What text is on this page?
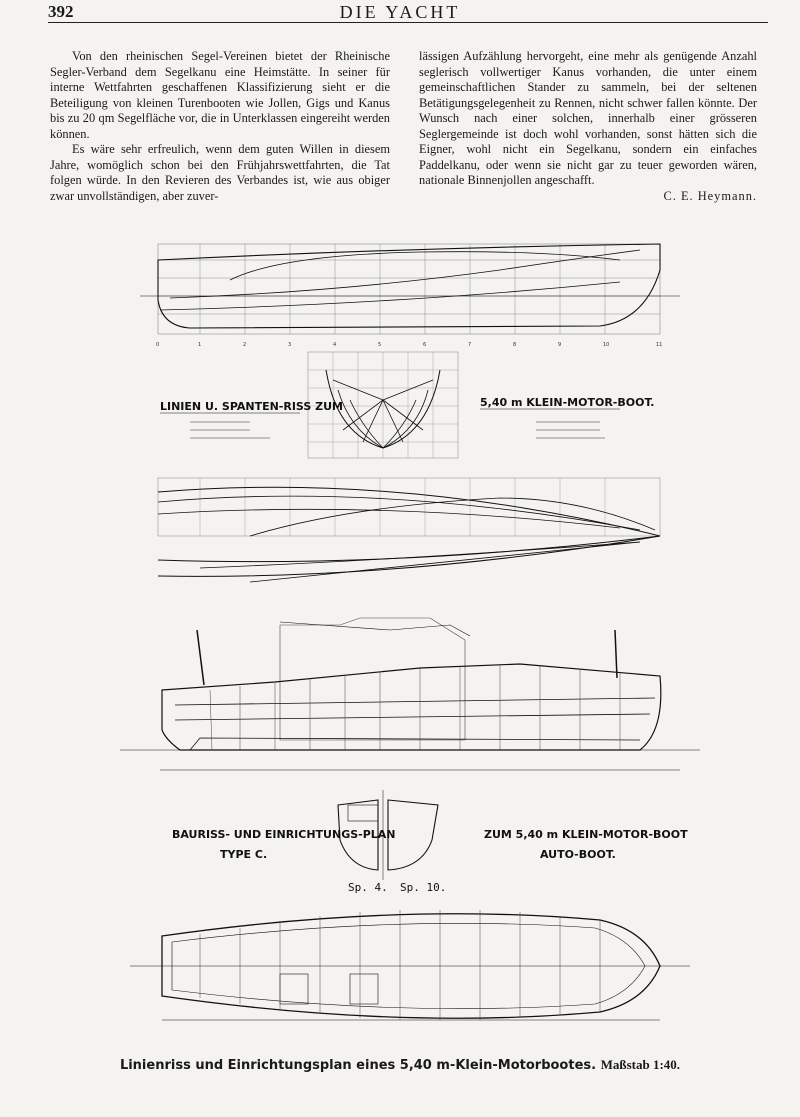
392	DIE YACHT

Von den rheinischen Segel-Vereinen bietet der Rheinische Segler-Verband dem Segelkanu eine Heimstätte. In seiner für interne Wettfahrten geschaffenen Klassifizierung sieht er die Beteiligung von kleinen Turenbooten wie Jollen, Gigs und Kanus bis zu 20 qm Segelfläche vor, die in Unterklassen eingereiht werden können.

Es wäre sehr erfreulich, wenn dem guten Willen in diesem Jahre, womöglich schon bei den Frühjahrswettfahrten, die Tat folgen würde. In den Revieren des Verbandes ist, wie aus obiger zwar unvollständigen, aber zuver-

lässigen Aufzählung hervorgeht, eine mehr als genügende Anzahl seglerisch vollwertiger Kanus vorhanden, die unter einem gemeinschaftlichen Stander zu sammeln, bei der seltenen Betätigungsgelegenheit zu Rennen, nicht schwer fallen könnte. Der Wunsch nach einer solchen, innerhalb einer grösseren Seglergemeinde ist doch wohl vorhanden, sonst hätten sich die Eigner, wohl nicht ein Segelkanu, sondern ein einfaches Paddelkanu, oder wenn sie nicht gar zu teuer geworden wären, nationale Binnenjollen angeschafft.

C. E. Heymann.
0	1	2	3	4	5	6	7	8	9	10	11
LINIEN U. SPANTEN-RISS ZUM	5,40 m KLEIN-MOTOR-BOOT.
BAURISS- UND EINRICHTUNGS-PLAN
TYPE C.
ZUM 5,40 m KLEIN-MOTOR-BOOT
AUTO-BOOT.
Sp. 4. Sp. 10.
Linienriss und Einrichtungsplan eines 5,40 m-Klein-Motorbootes. Maßstab 1:40.
